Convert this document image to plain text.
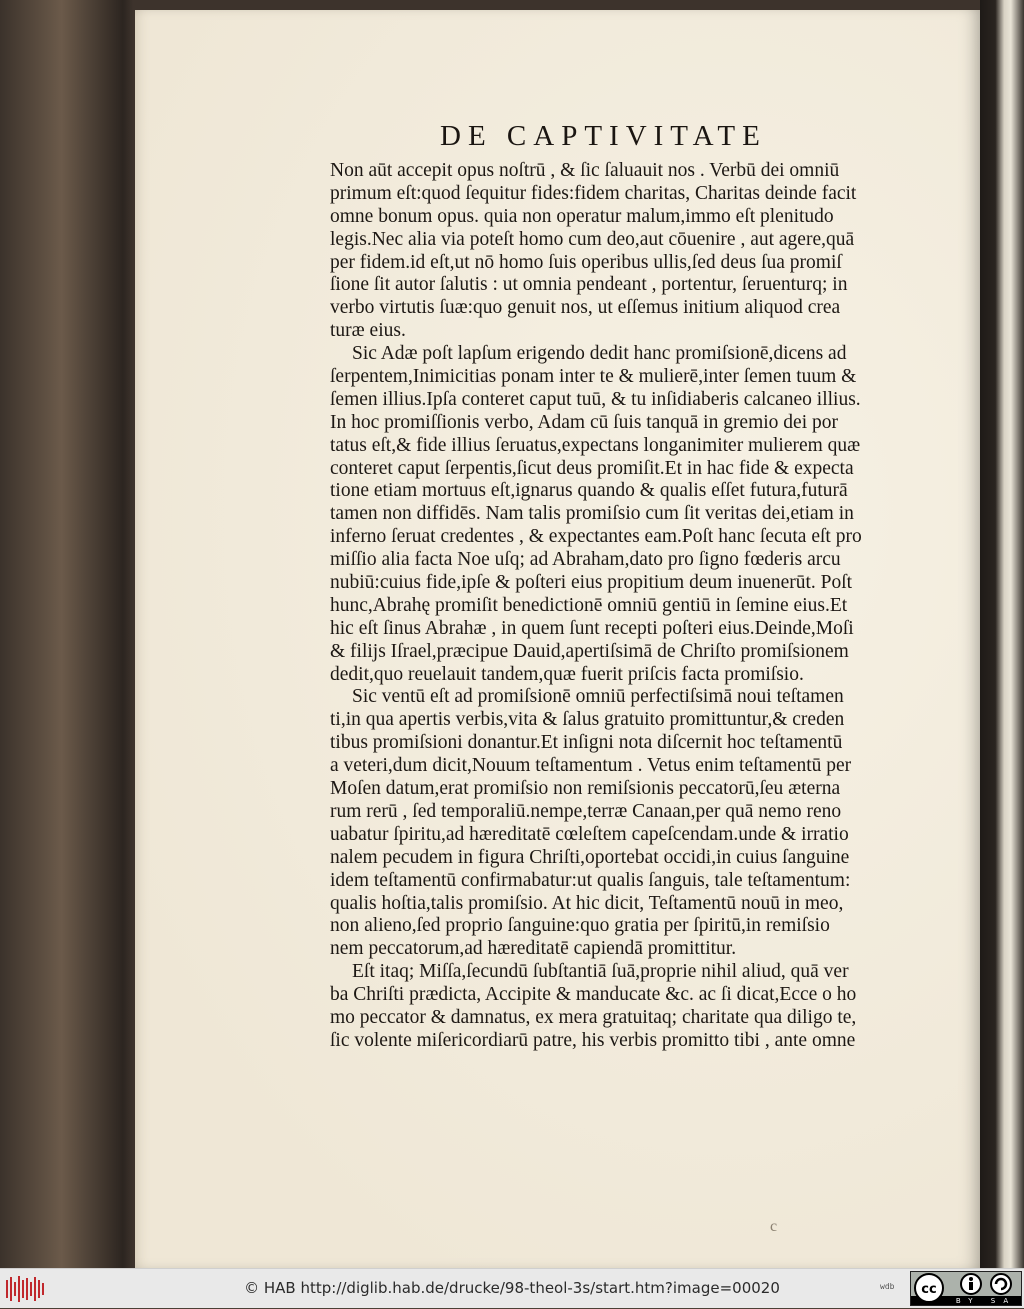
DE CAPTIVITATE
Non aūt accepit opus noſtrū , & ſic ſaluauit nos . Verbū dei omniū
primum eſt:quod ſequitur fides:fidem charitas, Charitas deinde facit
omne bonum opus. quia non operatur malum,immo eſt plenitudo
legis.Nec alia via poteſt homo cum deo,aut cōuenire , aut agere,quā
per fidem.id eſt,ut nō homo ſuis operibus ullis,ſed deus ſua promiſ
ſione ſit autor ſalutis : ut omnia pendeant , portentur, ſeruenturq; in
verbo virtutis ſuæ:quo genuit nos, ut eſſemus initium aliquod crea
turæ eius.
Sic Adæ poſt lapſum erigendo dedit hanc promiſsionē,dicens ad
ſerpentem,Inimicitias ponam inter te & mulierē,inter ſemen tuum &
ſemen illius.Ipſa conteret caput tuū, & tu inſidiaberis calcaneo illius.
In hoc promiſſionis verbo, Adam cū ſuis tanquā in gremio dei por
tatus eſt,& fide illius ſeruatus,expectans longanimiter mulierem quæ
conteret caput ſerpentis,ſicut deus promiſit.Et in hac fide & expecta
tione etiam mortuus eſt,ignarus quando & qualis eſſet futura,futurā
tamen non diffidēs. Nam talis promiſsio cum ſit veritas dei,etiam in
inferno ſeruat credentes , & expectantes eam.Poſt hanc ſecuta eſt pro
miſſio alia facta Noe uſq; ad Abraham,dato pro ſigno fœderis arcu
nubiū:cuius fide,ipſe & poſteri eius propitium deum inuenerūt. Poſt
hunc,Abrahę promiſit benedictionē omniū gentiū in ſemine eius.Et
hic eſt ſinus Abrahæ , in quem ſunt recepti poſteri eius.Deinde,Moſi
& filijs Iſrael,præcipue Dauid,apertiſsimā de Chriſto promiſsionem
dedit,quo reuelauit tandem,quæ fuerit priſcis facta promiſsio.
Sic ventū eſt ad promiſsionē omniū perfectiſsimā noui teſtamen
ti,in qua apertis verbis,vita & ſalus gratuito promittuntur,& creden
tibus promiſsioni donantur.Et inſigni nota diſcernit hoc teſtamentū
a veteri,dum dicit,Nouum teſtamentum . Vetus enim teſtamentū per
Moſen datum,erat promiſsio non remiſsionis peccatorū,ſeu æterna
rum rerū , ſed temporaliū.nempe,terræ Canaan,per quā nemo reno
uabatur ſpiritu,ad hæreditatē cœleſtem capeſcendam.unde & irratio
nalem pecudem in figura Chriſti,oportebat occidi,in cuius ſanguine
idem teſtamentū confirmabatur:ut qualis ſanguis, tale teſtamentum:
qualis hoſtia,talis promiſsio. At hic dicit, Teſtamentū nouū in meo,
non alieno,ſed proprio ſanguine:quo gratia per ſpiritū,in remiſsio
nem peccatorum,ad hæreditatē capiendā promittitur.
Eſt itaq; Miſſa,ſecundū ſubſtantiā ſuā,proprie nihil aliud, quā ver
ba Chriſti prædicta, Accipite & manducate &c. ac ſi dicat,Ecce o ho
mo peccator & damnatus, ex mera gratuitaq; charitate qua diligo te,
ſic volente miſericordiarū patre, his verbis promitto tibi , ante omne
c
© HAB http://diglib.hab.de/drucke/98-theol-3s/start.htm?image=00020	wdb cc
BY SA
